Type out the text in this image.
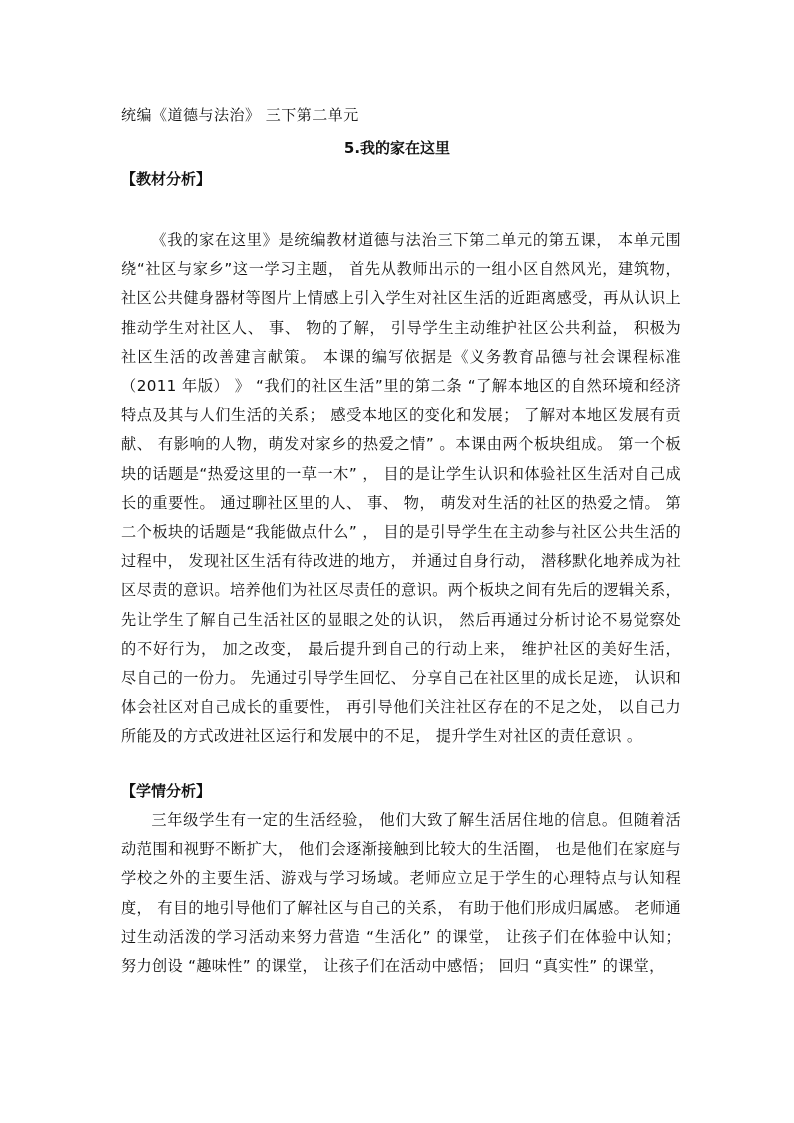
统编《道德与法治》 三下第二单元
5.我的家在这里
【教材分析】
《我的家在这里》是统编教材道德与法治三下第二单元的第五课， 本单元围绕“社区与家乡”这一学习主题， 首先从教师出示的一组小区自然风光，建筑物，社区公共健身器材等图片上情感上引入学生对社区生活的近距离感受，再从认识上推动学生对社区人、 事、 物的了解， 引导学生主动维护社区公共利益， 积极为社区生活的改善建言献策。 本课的编写依据是《义务教育品德与社会课程标准 （2011 年版） 》 “我们的社区生活”里的第二条 “了解本地区的自然环境和经济特点及其与人们生活的关系； 感受本地区的变化和发展； 了解对本地区发展有贡献、 有影响的人物，萌发对家乡的热爱之情” 。本课由两个板块组成。 第一个板块的话题是“热爱这里的一草一木” ， 目的是让学生认识和体验社区生活对自己成长的重要性。 通过聊社区里的人、 事、 物， 萌发对生活的社区的热爱之情。 第二个板块的话题是“我能做点什么” ， 目的是引导学生在主动参与社区公共生活的过程中， 发现社区生活有待改进的地方， 并通过自身行动， 潜移默化地养成为社区尽责的意识。培养他们为社区尽责任的意识。两个板块之间有先后的逻辑关系， 先让学生了解自己生活社区的显眼之处的认识， 然后再通过分析讨论不易觉察处的不好行为， 加之改变， 最后提升到自己的行动上来， 维护社区的美好生活， 尽自己的一份力。 先通过引导学生回忆、 分享自己在社区里的成长足迹， 认识和体会社区对自己成长的重要性， 再引导他们关注社区存在的不足之处， 以自己力所能及的方式改进社区运行和发展中的不足， 提升学生对社区的责任意识 。
【学情分析】
三年级学生有一定的生活经验， 他们大致了解生活居住地的信息。但随着活动范围和视野不断扩大， 他们会逐渐接触到比较大的生活圈， 也是他们在家庭与学校之外的主要生活、游戏与学习场域。老师应立足于学生的心理特点与认知程度， 有目的地引导他们了解社区与自己的关系， 有助于他们形成归属感。 老师通过生动活泼的学习活动来努力营造 “生活化” 的课堂， 让孩子们在体验中认知； 努力创设 “趣味性” 的课堂， 让孩子们在活动中感悟； 回归 “真实性” 的课堂，
